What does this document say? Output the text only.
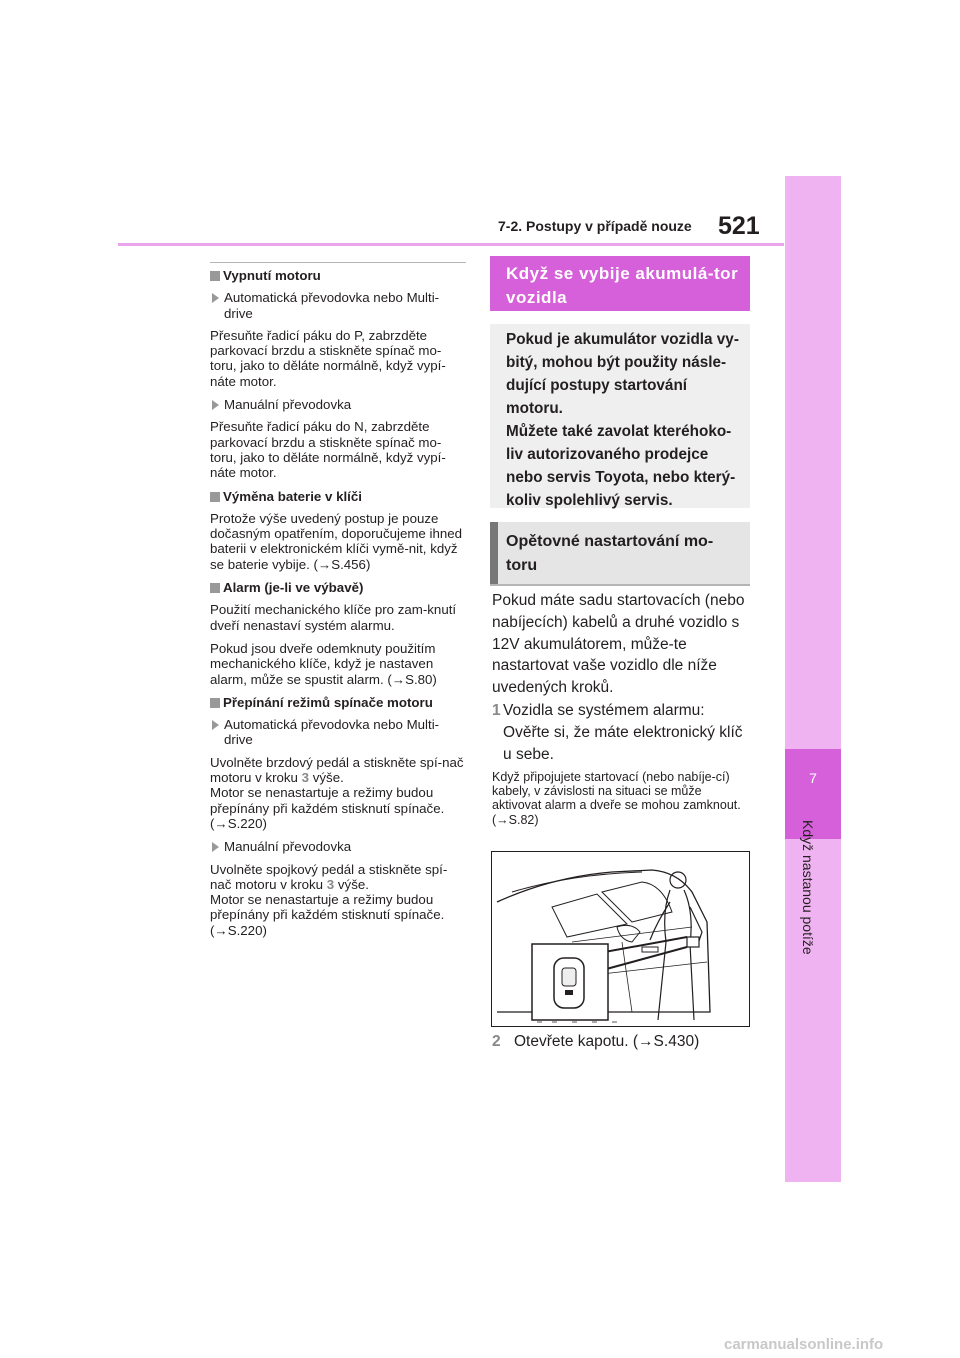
7-2. Postupy v případě nouze 521
7
Když nastanou potíže
Vypnutí motoru
Automatická převodovka nebo Multi-drive
Přesuňte řadicí páku do P, zabrzděte parkovací brzdu a stiskněte spínač mo-toru, jako to děláte normálně, když vypí-náte motor.
Manuální převodovka
Přesuňte řadicí páku do N, zabrzděte parkovací brzdu a stiskněte spínač mo-toru, jako to děláte normálně, když vypí-náte motor.
Výměna baterie v klíči
Protože výše uvedený postup je pouze dočasným opatřením, doporučujeme ihned baterii v elektronickém klíči vymě-nit, když se baterie vybije. (→S.456)
Alarm (je-li ve výbavě)
Použití mechanického klíče pro zam-knutí dveří nenastaví systém alarmu.
Pokud jsou dveře odemknuty použitím mechanického klíče, když je nastaven alarm, může se spustit alarm. (→S.80)
Přepínání režimů spínače motoru
Automatická převodovka nebo Multi-drive
Uvolněte brzdový pedál a stiskněte spí-nač motoru v kroku 3 výše.
Motor se nenastartuje a režimy budou přepínány při každém stisknutí spínače. (→S.220)
Manuální převodovka
Uvolněte spojkový pedál a stiskněte spí-nač motoru v kroku 3 výše.
Motor se nenastartuje a režimy budou přepínány při každém stisknutí spínače. (→S.220)
Když se vybije akumulá-tor vozidla
Pokud je akumulátor vozidla vy-bitý, mohou být použity násle-dující postupy startování motoru.
Můžete také zavolat kteréhoko-liv autorizovaného prodejce nebo servis Toyota, nebo který-koliv spolehlivý servis.
Opětovné nastartování mo-toru
Pokud máte sadu startovacích (nebo nabíjecích) kabelů a druhé vozidlo s 12V akumulátorem, může-te nastartovat vaše vozidlo dle níže uvedených kroků.
1 Vozidla se systémem alarmu: Ověřte si, že máte elektronický klíč u sebe.
Když připojujete startovací (nebo nabíje-cí) kabely, v závislosti na situaci se může aktivovat alarm a dveře se mohou zamknout. (→S.82)
2 Otevřete kapotu. (→S.430)
carmanualsonline.info
